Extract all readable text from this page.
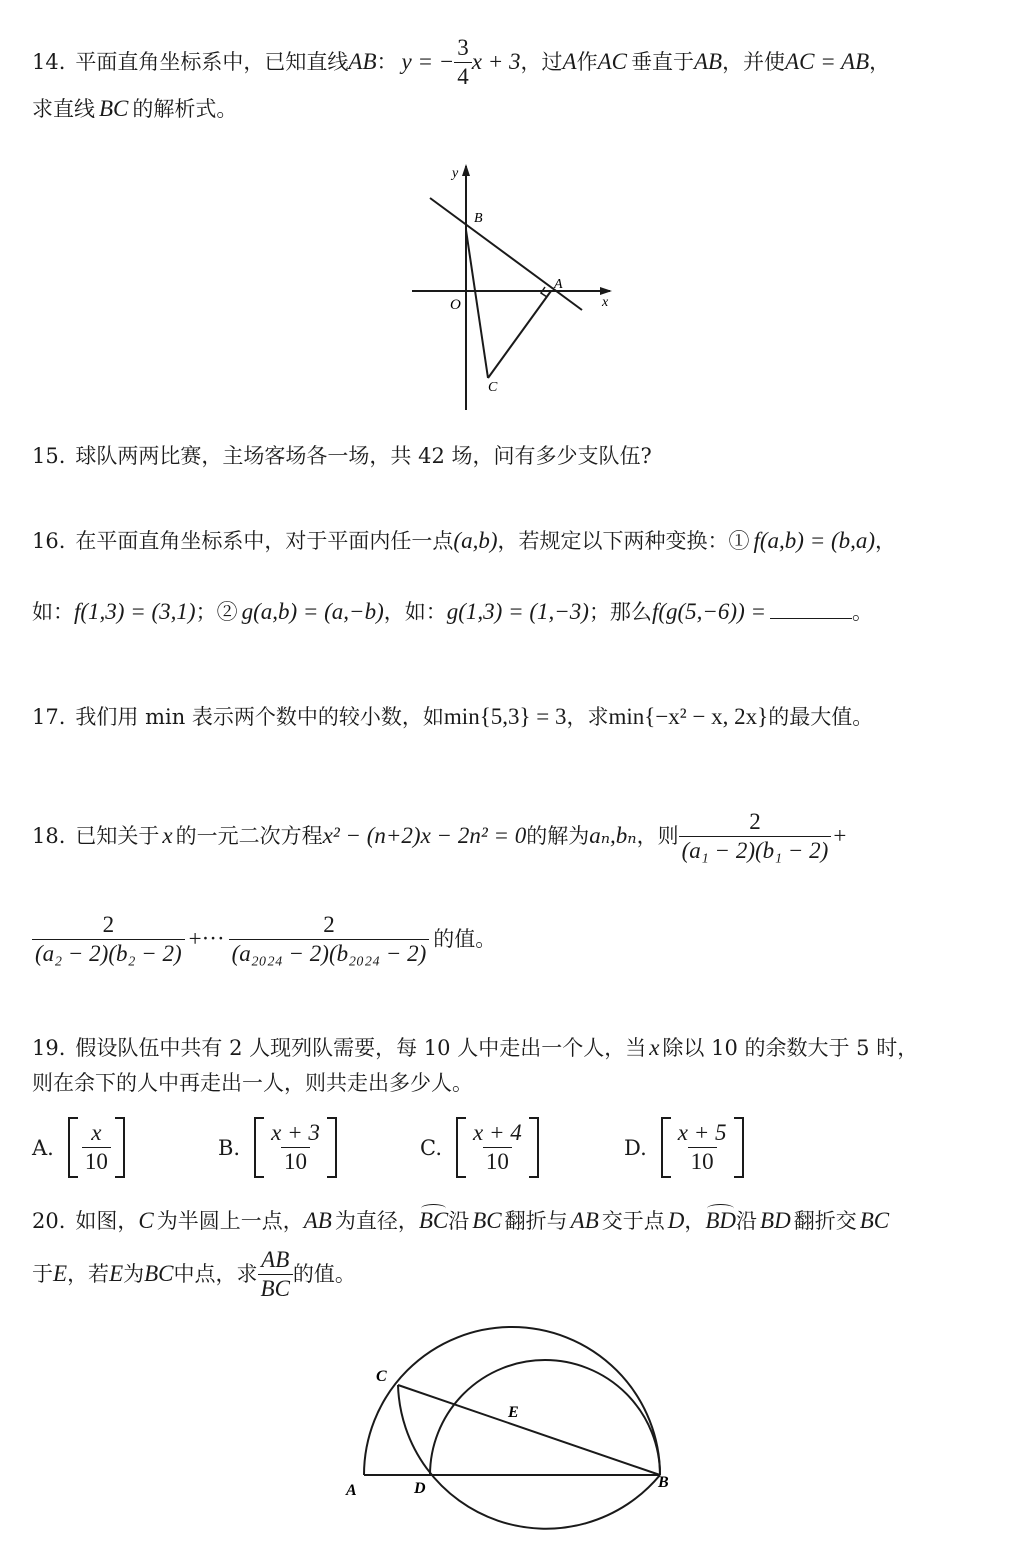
14. 平面直角坐标系中，已知直线 AB ： y = − $\frac{3}{4}$ x + 3 ，过 A 作 AC 垂直于 AB ，并使 AC = AB ，
求直线 BC 的解析式。
y
B
A
x
O
C
15. 球队两两比赛，主场客场各一场，共 42 场，问有多少支队伍?
16. 在平面直角坐标系中，对于平面内任一点(a,b)，若规定以下两种变换：① f(a,b) = (b,a)，
如：f(1,3) = (3,1)；② g(a,b) = (a,−b)，如：g(1,3) = (1,−3)；那么f(g(5,−6)) =	。
17. 我们用 min 表示两个数中的较小数，如min{5,3} = 3，求min{−x² − x, 2x}的最大值。
18. 已知关于 x 的一元二次方程 x² − (n+2)x − 2n² = 0 的解为 aₙ,bₙ ，则 $\frac{2}{\text{(a₁ − 2)(b₁ − 2)}}$ +
$\frac{2}{\text{(a₂ − 2)(b₂ − 2)}}$ +··· $\frac{2}{\text{(a₂₀₂₄ − 2)(b₂₀₂₄ − 2)}}$ 的值。
19. 假设队伍中共有 2 人现列队需要，每 10 人中走出一个人，当 x 除以 10 的余数大于 5 时，
则在余下的人中再走出一人，则共走出多少人。
A. $\frac{x}{10}$	B. $\frac{x + 3}{10}$	C. $\frac{x + 4}{10}$	D. $\frac{x + 5}{10}$
20. 如图，C 为半圆上一点，AB 为直径，BC
沿 BC 翻折与 AB 交于点 D，BD
沿 BD 翻折交 BC
于 E ，若 E 为 BC 中点，求 $\frac{AB}{BC}$ 的值。
C
E
A	D	B
